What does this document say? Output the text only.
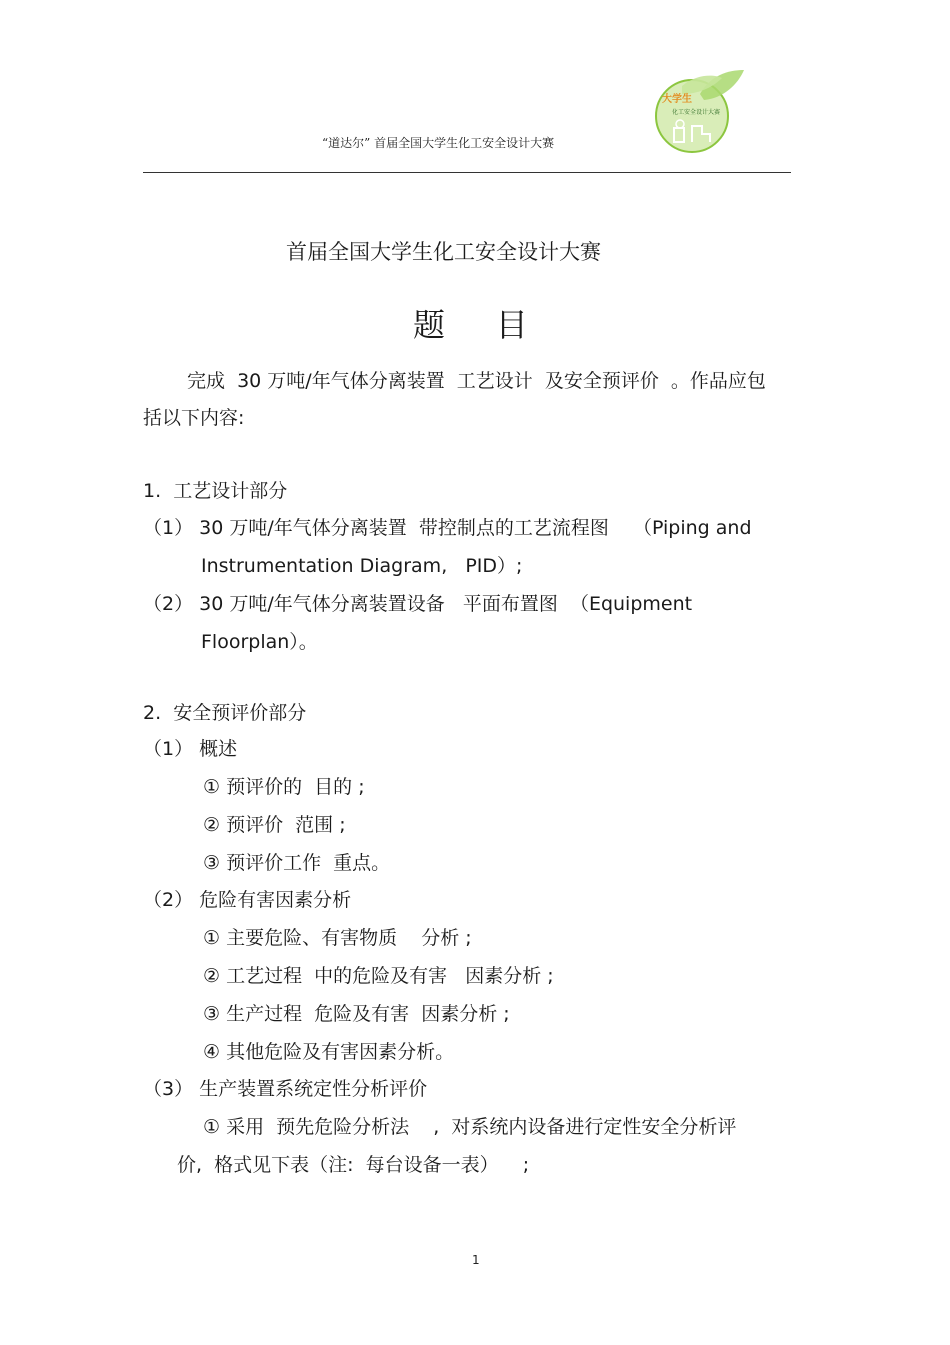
“道达尔” 首届全国大学生化工安全设计大赛
大学生
化工安全设计大赛
首届全国大学生化工安全设计大赛
题    目
完成  30 万吨/年气体分离装置  工艺设计  及安全预评价  。作品应包
括以下内容:
1.  工艺设计部分
（1） 30 万吨/年气体分离装置  带控制点的工艺流程图    （Piping and
Instrumentation Diagram,   PID）;
（2） 30 万吨/年气体分离装置设备   平面布置图  （Equipment
Floorplan）。
2.  安全预评价部分
（1） 概述
① 预评价的  目的 ;
② 预评价  范围 ;
③ 预评价工作  重点。
（2） 危险有害因素分析
① 主要危险、有害物质    分析 ;
② 工艺过程  中的危险及有害   因素分析 ;
③ 生产过程  危险及有害  因素分析 ;
④ 其他危险及有害因素分析。
（3） 生产装置系统定性分析评价
① 采用  预先危险分析法    ,  对系统内设备进行定性安全分析评
价,  格式见下表（注:  每台设备一表）    ;
1
